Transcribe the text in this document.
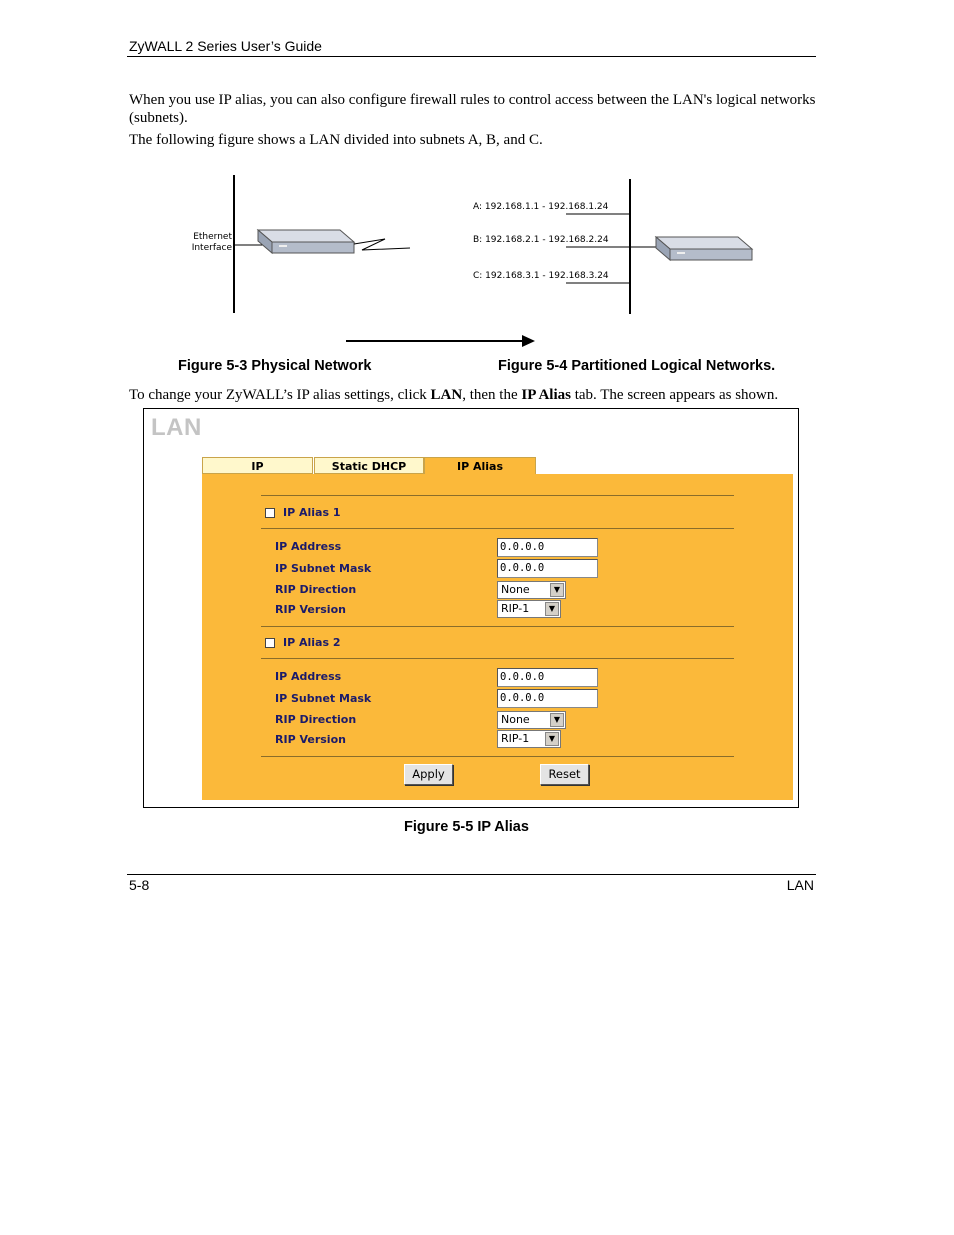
ZyWALL 2 Series User’s Guide
When you use IP alias, you can also configure firewall rules to control access between the LAN's logical networks (subnets).
The following figure shows a LAN divided into subnets A, B, and C.
Ethernet
Interface
A: 192.168.1.1 - 192.168.1.24
B: 192.168.2.1 - 192.168.2.24
C: 192.168.3.1 - 192.168.3.24
Figure 5-3 Physical Network	Figure 5-4 Partitioned Logical Networks.
To change your ZyWALL’s IP alias settings, click LAN, then the IP Alias tab. The screen appears as shown.
LAN
IP	Static DHCP	IP Alias
IP Alias 1
IP Address	0.0.0.0
IP Subnet Mask	0.0.0.0
RIP Direction	None	▼
RIP Version	RIP-1	▼
IP Alias 2
IP Address	0.0.0.0
IP Subnet Mask	0.0.0.0
RIP Direction	None	▼
RIP Version	RIP-1	▼
Apply	Reset
Figure 5-5 IP Alias
5-8	LAN
